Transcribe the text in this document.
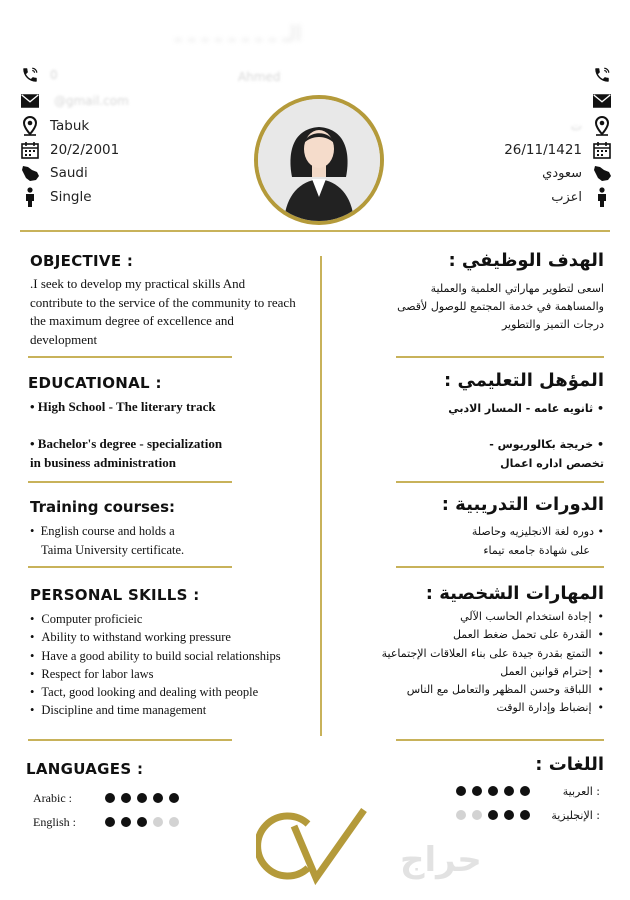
الـ ـ ـ ـ ـ ـ ـ ـ ـ
0
@gmail.com
Tabuk
20/2/2001
Saudi
Single
Ahmed
ت
26/11/1421
سعودي
اعزب
OBJECTIVE :
.I seek to develop my practical skills And contribute to the service of the community to reach the maximum degree of excellence and development
الهدف الوظيفي :
اسعى لتطوير مهاراتي العلمية والعملية والمساهمة في خدمة المجتمع للوصول لأقصى درجات التميز والتطوير
EDUCATIONAL :
• High School - The literary track
• Bachelor's degree - specialization
in business administration
المؤهل التعليمي :
• ثانويه عامه - المسار الادبي
• خريجة بكالوريوس -
تخصص اداره اعمال
Training courses:
•  English course and holds a
Taima University certificate.
الدورات التدريبية :
• دوره لغة الانجليزيه وحاصلة
على شهادة جامعه تيماء
PERSONAL SKILLS :
• Computer proficieic
• Ability to withstand working pressure
• Have a good ability to build social relationships
• Respect for labor laws
• Tact, good looking and dealing with people
• Discipline and time management
المهارات الشخصية :
• إجادة استخدام الحاسب الآلي
• القدرة على تحمل ضغط العمل
• التمتع بقدرة جيدة على بناء العلاقات الإجتماعية
• إحترام قوانين العمل
• اللباقة وحسن المظهر والتعامل مع الناس
• إنضباط وإدارة الوقت
LANGUAGES :
Arabic :
English :
اللغات :
العربية :
الإنجليزية :
حراج
